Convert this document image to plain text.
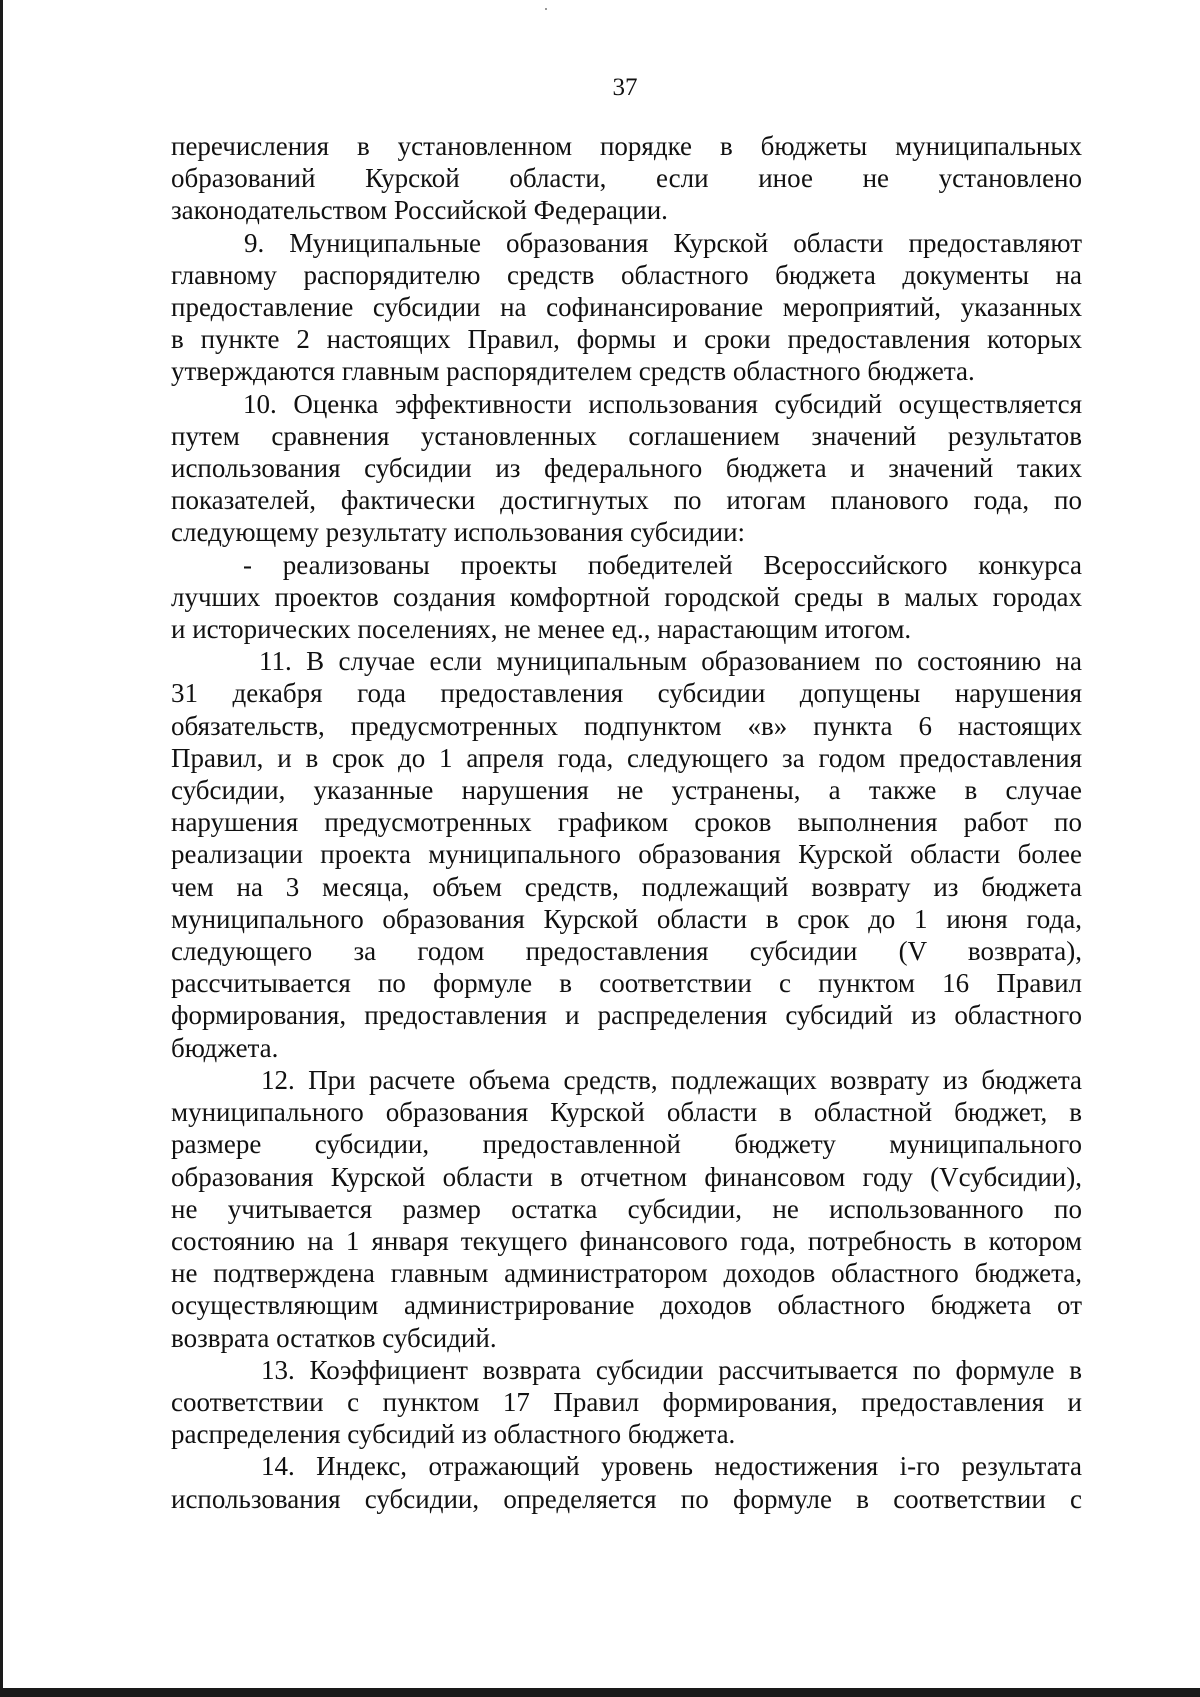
37
перечисления в установленном порядке в бюджеты муниципальных
образований Курской области, если иное не установлено
законодательством Российской Федерации.
9. Муниципальные образования Курской области предоставляют
главному распорядителю средств областного бюджета документы на
предоставление субсидии на софинансирование мероприятий, указанных
в пункте 2 настоящих Правил, формы и сроки предоставления которых
утверждаются главным распорядителем средств областного бюджета.
10. Оценка эффективности использования субсидий осуществляется
путем сравнения установленных соглашением значений результатов
использования субсидии из федерального бюджета и значений таких
показателей, фактически достигнутых по итогам планового года, по
следующему результату использования субсидии:
- реализованы проекты победителей Всероссийского конкурса
лучших проектов создания комфортной городской среды в малых городах
и исторических поселениях, не менее ед., нарастающим итогом.
11. В случае если муниципальным образованием по состоянию на
31 декабря года предоставления субсидии допущены нарушения
обязательств, предусмотренных подпунктом «в» пункта 6 настоящих
Правил, и в срок до 1 апреля года, следующего за годом предоставления
субсидии, указанные нарушения не устранены, а также в случае
нарушения предусмотренных графиком сроков выполнения работ по
реализации проекта муниципального образования Курской области более
чем на 3 месяца, объем средств, подлежащий возврату из бюджета
муниципального образования Курской области в срок до 1 июня года,
следующего за годом предоставления субсидии (V возврата),
рассчитывается по формуле в соответствии с пунктом 16 Правил
формирования, предоставления и распределения субсидий из областного
бюджета.
12. При расчете объема средств, подлежащих возврату из бюджета
муниципального образования Курской области в областной бюджет, в
размере субсидии, предоставленной бюджету муниципального
образования Курской области в отчетном финансовом году (Vсубсидии),
не учитывается размер остатка субсидии, не использованного по
состоянию на 1 января текущего финансового года, потребность в котором
не подтверждена главным администратором доходов областного бюджета,
осуществляющим администрирование доходов областного бюджета от
возврата остатков субсидий.
13. Коэффициент возврата субсидии рассчитывается по формуле в
соответствии с пунктом 17 Правил формирования, предоставления и
распределения субсидий из областного бюджета.
14. Индекс, отражающий уровень недостижения i-го результата
использования субсидии, определяется по формуле в соответствии с
